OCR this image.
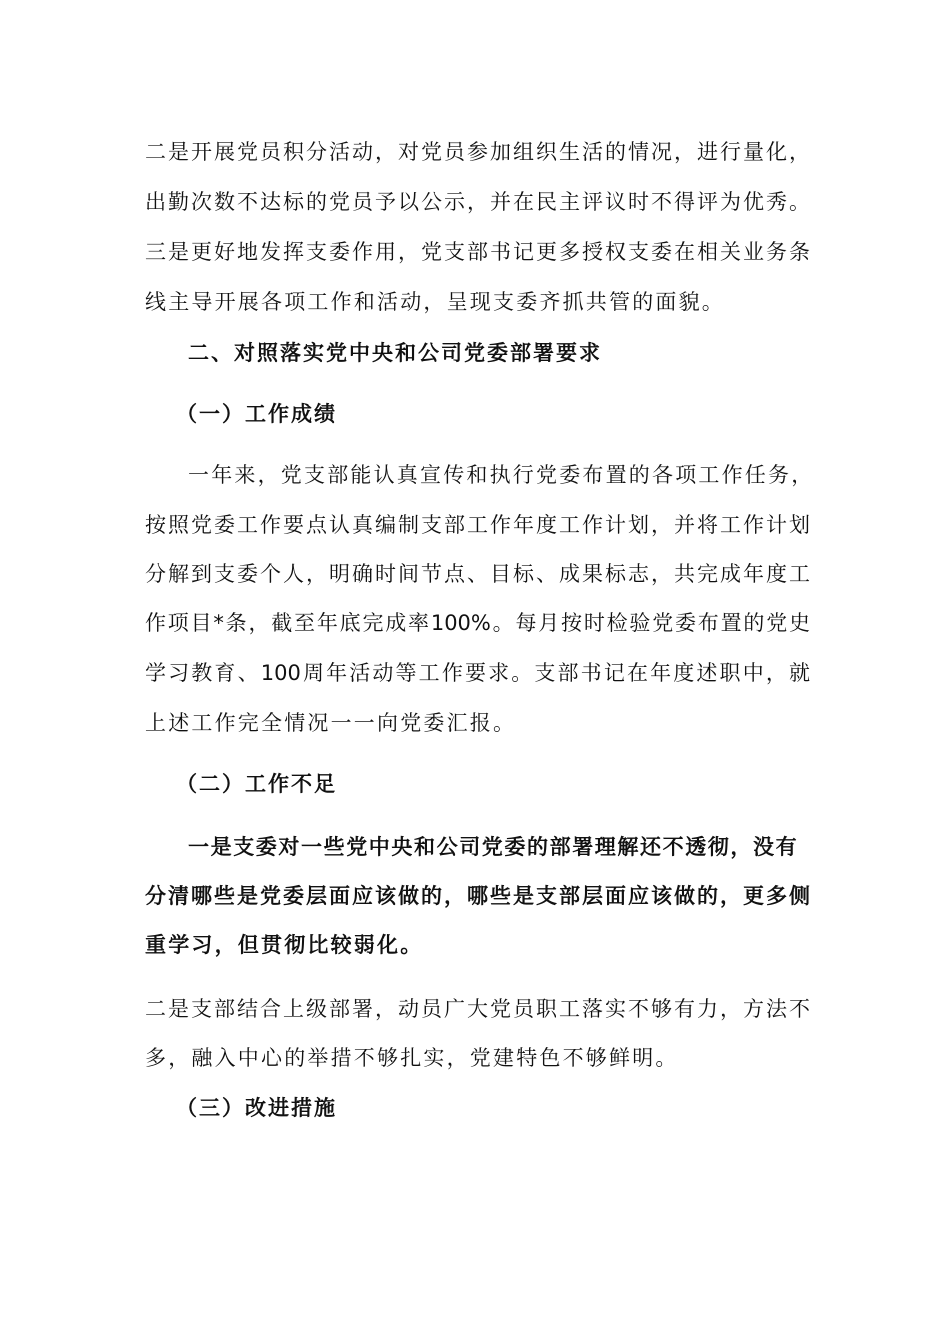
二是开展党员积分活动，对党员参加组织生活的情况，进行量化，
出勤次数不达标的党员予以公示，并在民主评议时不得评为优秀。
三是更好地发挥支委作用，党支部书记更多授权支委在相关业务条
线主导开展各项工作和活动，呈现支委齐抓共管的面貌。
二、对照落实党中央和公司党委部署要求
（一）工作成绩
一年来，党支部能认真宣传和执行党委布置的各项工作任务，
按照党委工作要点认真编制支部工作年度工作计划，并将工作计划
分解到支委个人，明确时间节点、目标、成果标志，共完成年度工
作项目*条，截至年底完成率100%。每月按时检验党委布置的党史
学习教育、100周年活动等工作要求。支部书记在年度述职中，就
上述工作完全情况一一向党委汇报。
（二）工作不足
一是支委对一些党中央和公司党委的部署理解还不透彻，没有
分清哪些是党委层面应该做的，哪些是支部层面应该做的，更多侧
重学习，但贯彻比较弱化。
二是支部结合上级部署，动员广大党员职工落实不够有力，方法不
多，融入中心的举措不够扎实，党建特色不够鲜明。
（三）改进措施
